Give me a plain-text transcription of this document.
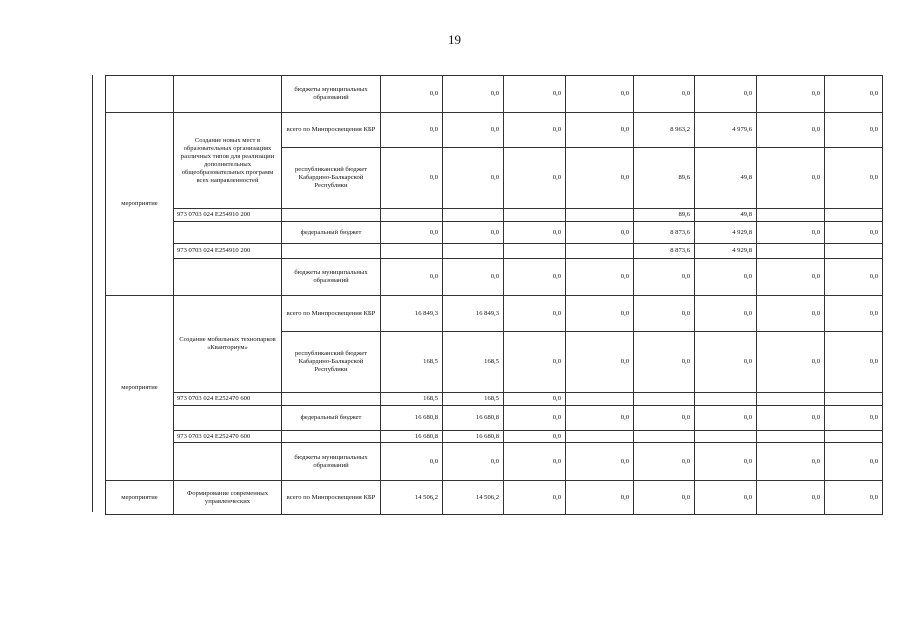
19
		бюджеты муниципальных образований	0,0	0,0	0,0	0,0	0,0	0,0	0,0	0,0
мероприятие	Создание новых мест в образовательных организациях различных типов для реализации дополнительных общеобразовательных программ всех направленностей	всего по Минпросвещения КБР	0,0	0,0	0,0	0,0	8 963,2	4 979,6	0,0	0,0
		республиканский бюджет Кабардино-Балкарской Республики	0,0	0,0	0,0	0,0	89,6	49,8	0,0	0,0
	973 0703 024 E254910 200						89,6	49,8		
		федеральный бюджет	0,0	0,0	0,0	0,0	8 873,6	4 929,8	0,0	0,0
	973 0703 024 E254910 200						8 873,6	4 929,8		
		бюджеты муниципальных образований	0,0	0,0	0,0	0,0	0,0	0,0	0,0	0,0
мероприятие	Создание мобильных технопарков «Кванториум»	всего по Минпросвещения КБР	16 849,3	16 849,3	0,0	0,0	0,0	0,0	0,0	0,0
		республиканский бюджет Кабардино-Балкарской Республики	168,5	168,5	0,0	0,0	0,0	0,0	0,0	0,0
	973 0703 024 E252470 600		168,5	168,5	0,0					
		федеральный бюджет	16 680,8	16 680,8	0,0	0,0	0,0	0,0	0,0	0,0
	973 0703 024 E252470 600		16 680,8	16 680,8	0,0					
		бюджеты муниципальных образований	0,0	0,0	0,0	0,0	0,0	0,0	0,0	0,0
мероприятие	Формирование современных управленческих	всего по Минпросвещения КБР	14 506,2	14 506,2	0,0	0,0	0,0	0,0	0,0	0,0
